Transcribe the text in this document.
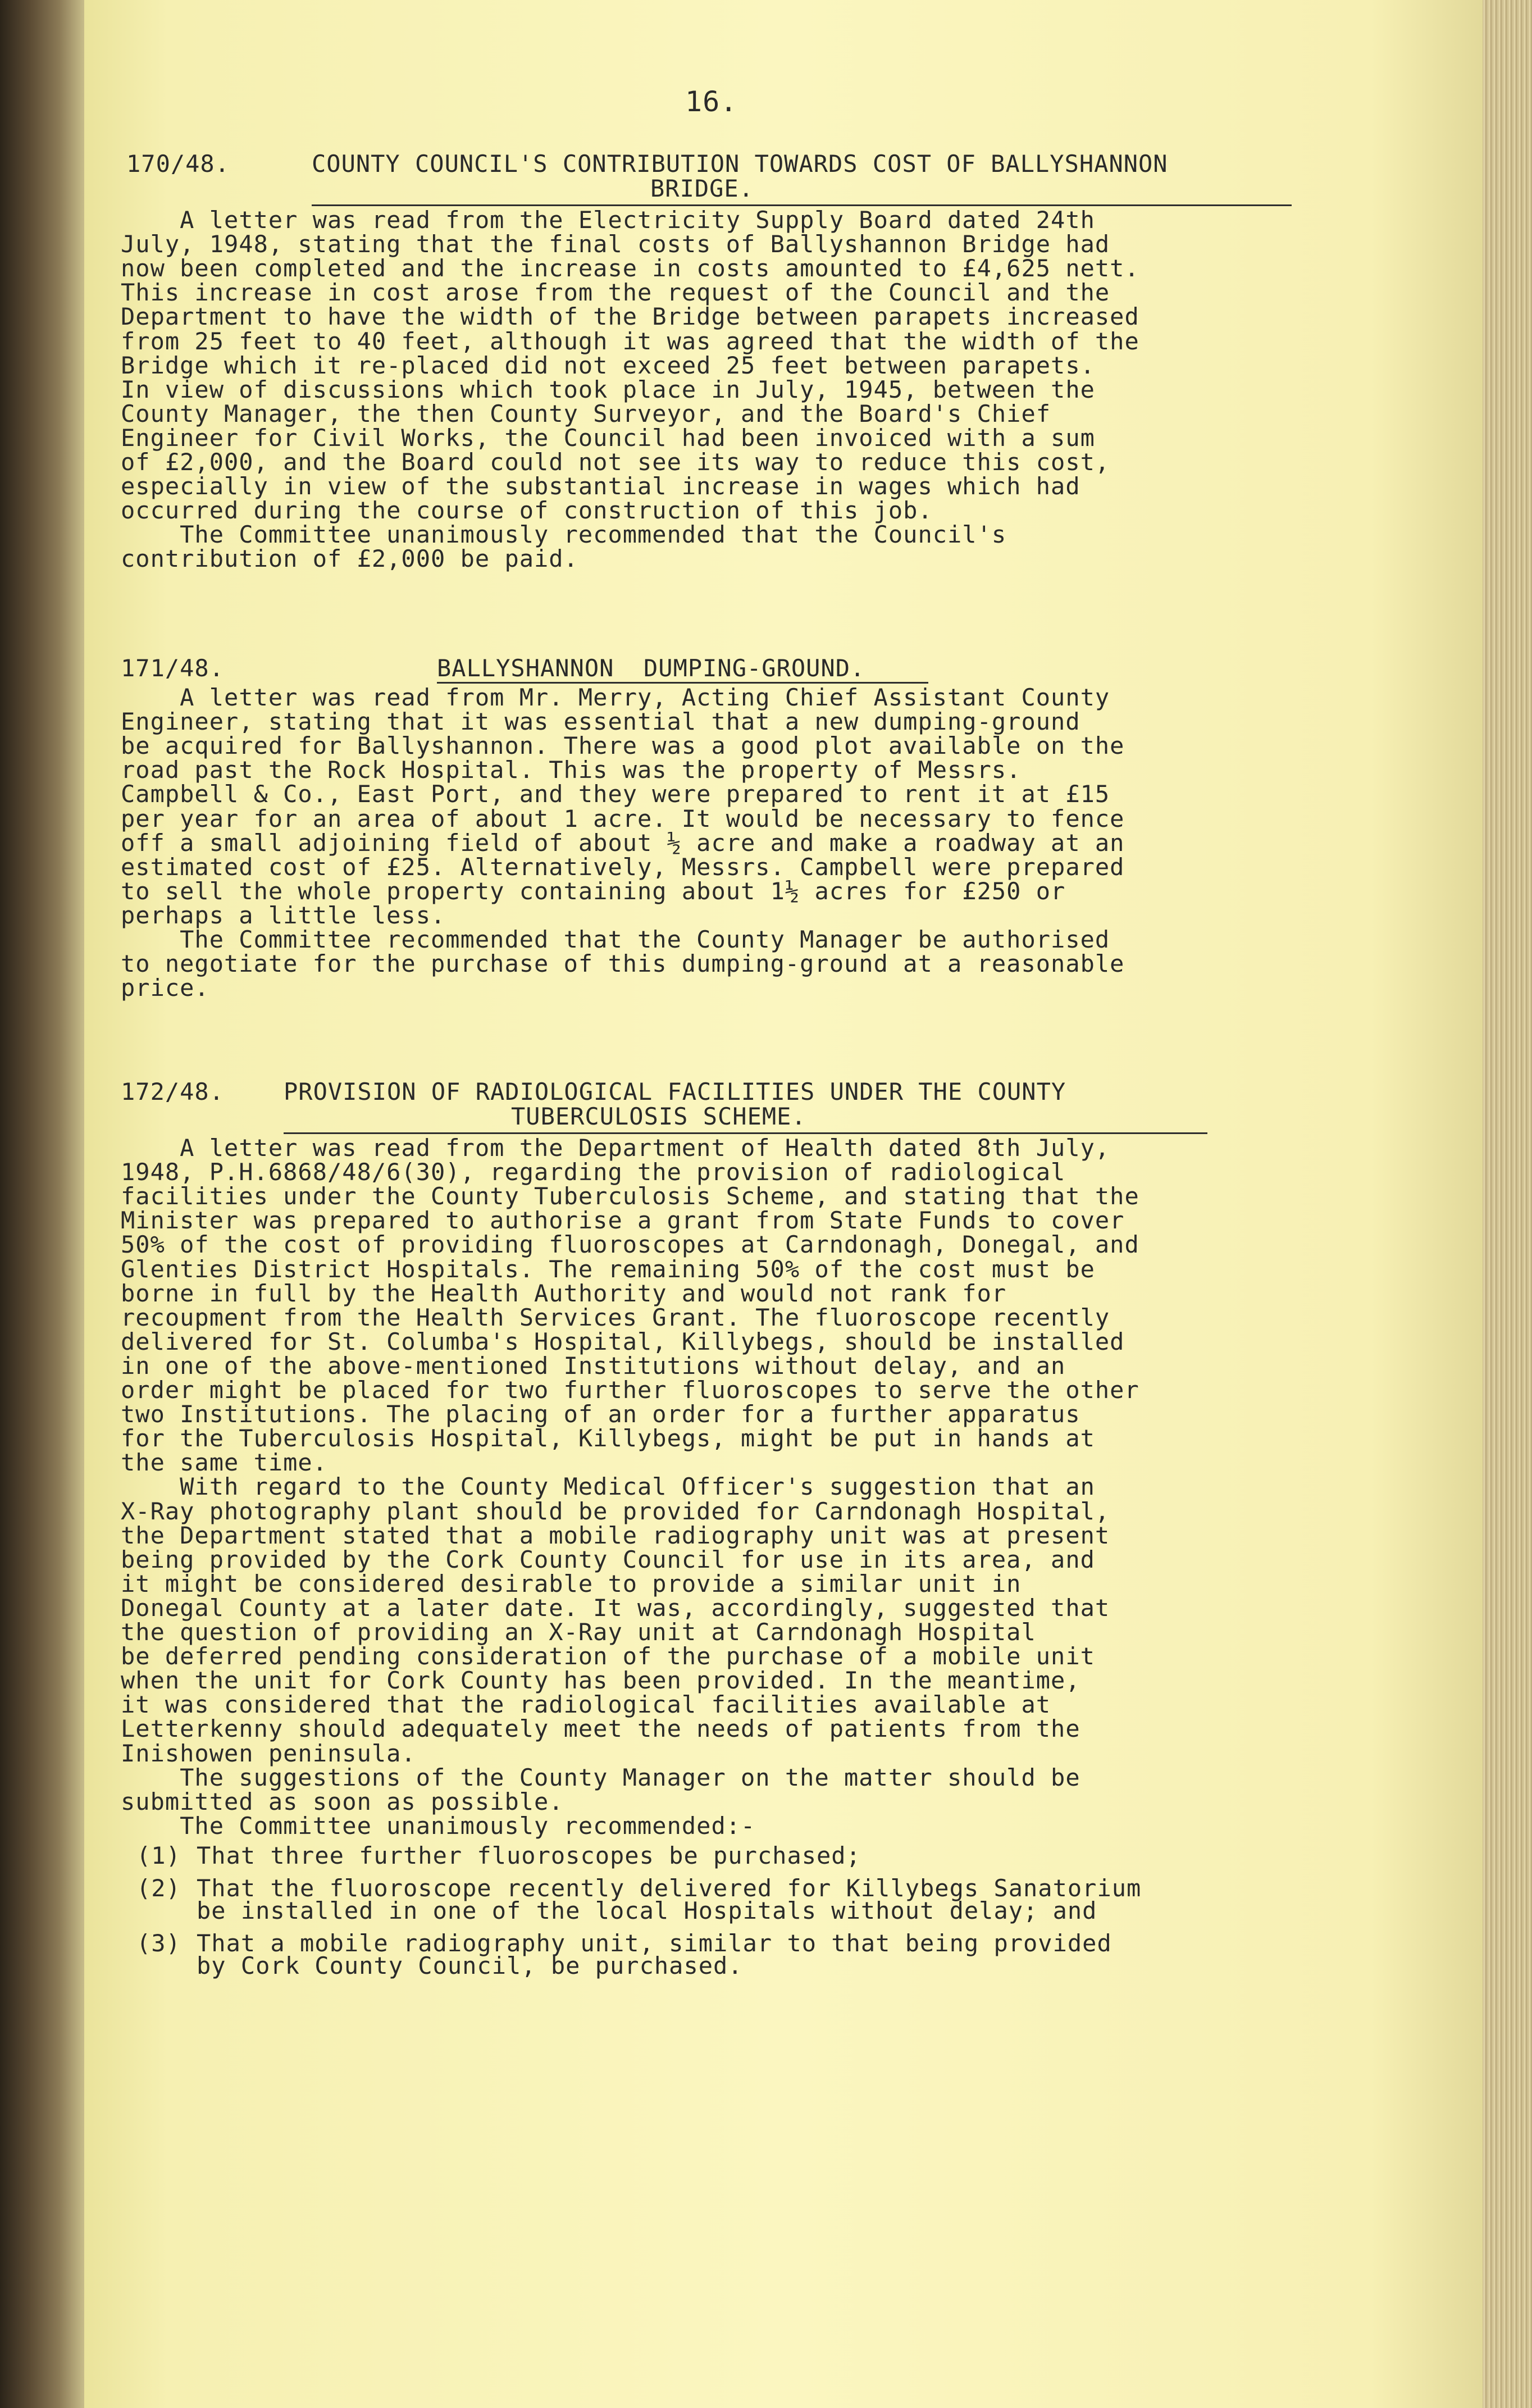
16.
170/48.	COUNTY COUNCIL'S CONTRIBUTION TOWARDS COST OF BALLYSHANNON
BRIDGE.
A letter was read from the Electricity Supply Board dated 24th
July, 1948, stating that the final costs of Ballyshannon Bridge had
now been completed and the increase in costs amounted to £4,625 nett.
This increase in cost arose from the request of the Council and the
Department to have the width of the Bridge between parapets increased
from 25 feet to 40 feet, although it was agreed that the width of the
Bridge which it re-placed did not exceed 25 feet between parapets.
In view of discussions which took place in July, 1945, between the
County Manager, the then County Surveyor, and the Board's Chief
Engineer for Civil Works, the Council had been invoiced with a sum
of £2,000, and the Board could not see its way to reduce this cost,
especially in view of the substantial increase in wages which had
occurred during the course of construction of this job.
The Committee unanimously recommended that the Council's
contribution of £2,000 be paid.
171/48.	BALLYSHANNON  DUMPING-GROUND.
A letter was read from Mr. Merry, Acting Chief Assistant County
Engineer, stating that it was essential that a new dumping-ground
be acquired for Ballyshannon. There was a good plot available on the
road past the Rock Hospital. This was the property of Messrs.
Campbell & Co., East Port, and they were prepared to rent it at £15
per year for an area of about 1 acre. It would be necessary to fence
off a small adjoining field of about ½ acre and make a roadway at an
estimated cost of £25. Alternatively, Messrs. Campbell were prepared
to sell the whole property containing about 1½ acres for £250 or
perhaps a little less.
The Committee recommended that the County Manager be authorised
to negotiate for the purchase of this dumping-ground at a reasonable
price.
172/48.	PROVISION OF RADIOLOGICAL FACILITIES UNDER THE COUNTY
TUBERCULOSIS SCHEME.
A letter was read from the Department of Health dated 8th July,
1948, P.H.6868/48/6(30), regarding the provision of radiological
facilities under the County Tuberculosis Scheme, and stating that the
Minister was prepared to authorise a grant from State Funds to cover
50% of the cost of providing fluoroscopes at Carndonagh, Donegal, and
Glenties District Hospitals. The remaining 50% of the cost must be
borne in full by the Health Authority and would not rank for
recoupment from the Health Services Grant. The fluoroscope recently
delivered for St. Columba's Hospital, Killybegs, should be installed
in one of the above-mentioned Institutions without delay, and an
order might be placed for two further fluoroscopes to serve the other
two Institutions. The placing of an order for a further apparatus
for the Tuberculosis Hospital, Killybegs, might be put in hands at
the same time.
With regard to the County Medical Officer's suggestion that an
X-Ray photography plant should be provided for Carndonagh Hospital,
the Department stated that a mobile radiography unit was at present
being provided by the Cork County Council for use in its area, and
it might be considered desirable to provide a similar unit in
Donegal County at a later date. It was, accordingly, suggested that
the question of providing an X-Ray unit at Carndonagh Hospital
be deferred pending consideration of the purchase of a mobile unit
when the unit for Cork County has been provided. In the meantime,
it was considered that the radiological facilities available at
Letterkenny should adequately meet the needs of patients from the
Inishowen peninsula.
The suggestions of the County Manager on the matter should be
submitted as soon as possible.
The Committee unanimously recommended:-
(1) That three further fluoroscopes be purchased;
(2) That the fluoroscope recently delivered for Killybegs Sanatorium
be installed in one of the local Hospitals without delay; and
(3) That a mobile radiography unit, similar to that being provided
by Cork County Council, be purchased.
